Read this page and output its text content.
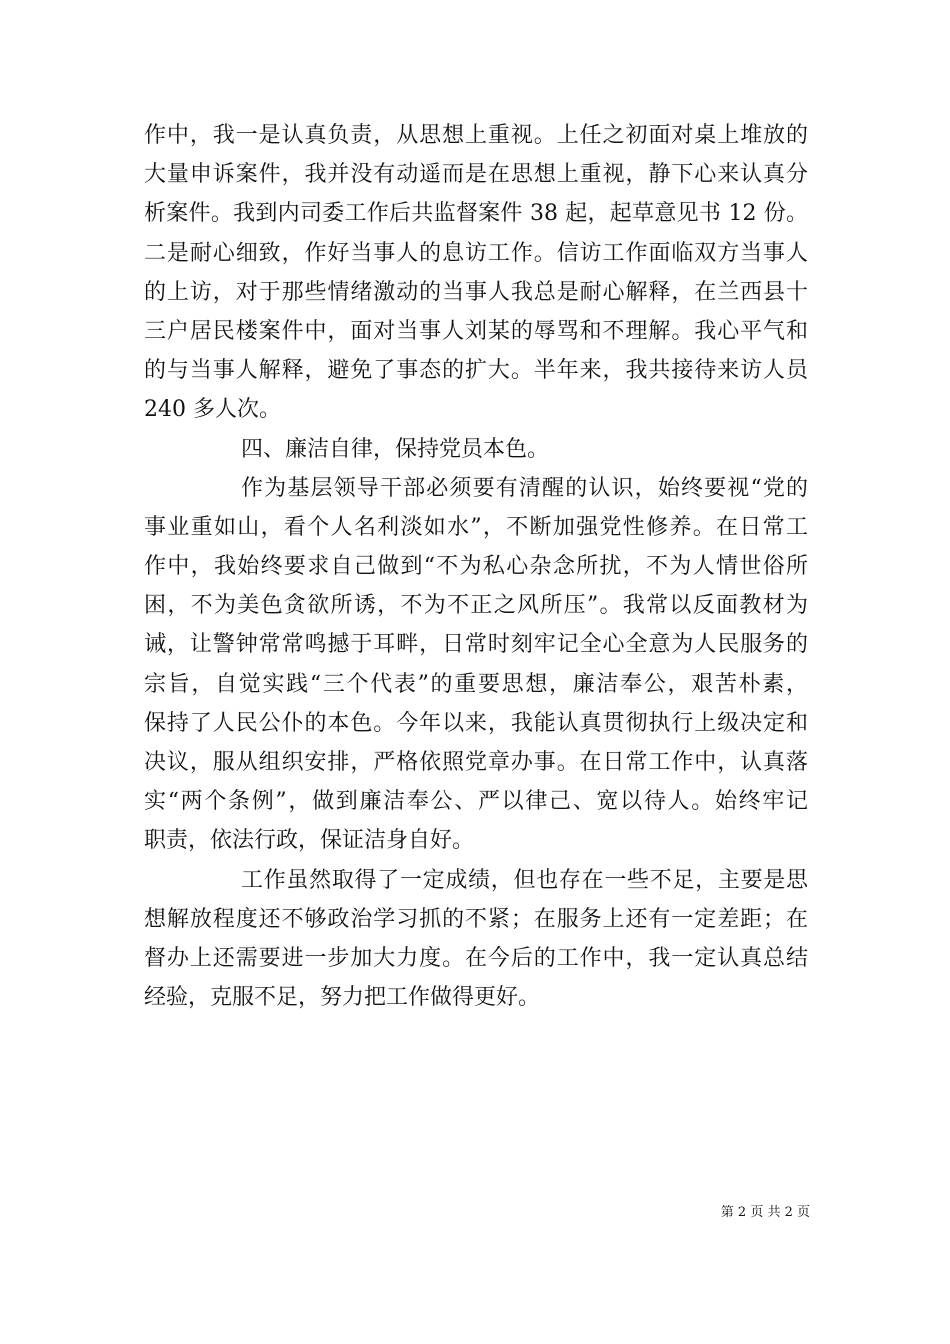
作中，我一是认真负责，从思想上重视。上任之初面对桌上堆放的
大量申诉案件，我并没有动遥而是在思想上重视，静下心来认真分
析案件。我到内司委工作后共监督案件 38 起，起草意见书 12 份。
二是耐心细致，作好当事人的息访工作。信访工作面临双方当事人
的上访，对于那些情绪激动的当事人我总是耐心解释，在兰西县十
三户居民楼案件中，面对当事人刘某的辱骂和不理解。我心平气和
的与当事人解释，避免了事态的扩大。半年来，我共接待来访人员
240 多人次。
四、廉洁自律，保持党员本色。
作为基层领导干部必须要有清醒的认识，始终要视“党的
事业重如山，看个人名利淡如水”，不断加强党性修养。在日常工
作中，我始终要求自己做到“不为私心杂念所扰，不为人情世俗所
困，不为美色贪欲所诱，不为不正之风所压”。我常以反面教材为
诫，让警钟常常鸣撼于耳畔，日常时刻牢记全心全意为人民服务的
宗旨，自觉实践“三个代表”的重要思想，廉洁奉公，艰苦朴素，
保持了人民公仆的本色。今年以来，我能认真贯彻执行上级决定和
决议，服从组织安排，严格依照党章办事。在日常工作中，认真落
实“两个条例”，做到廉洁奉公、严以律己、宽以待人。始终牢记
职责，依法行政，保证洁身自好。
工作虽然取得了一定成绩，但也存在一些不足，主要是思
想解放程度还不够政治学习抓的不紧；在服务上还有一定差距；在
督办上还需要进一步加大力度。在今后的工作中，我一定认真总结
经验，克服不足，努力把工作做得更好。
第 2 页 共 2 页
